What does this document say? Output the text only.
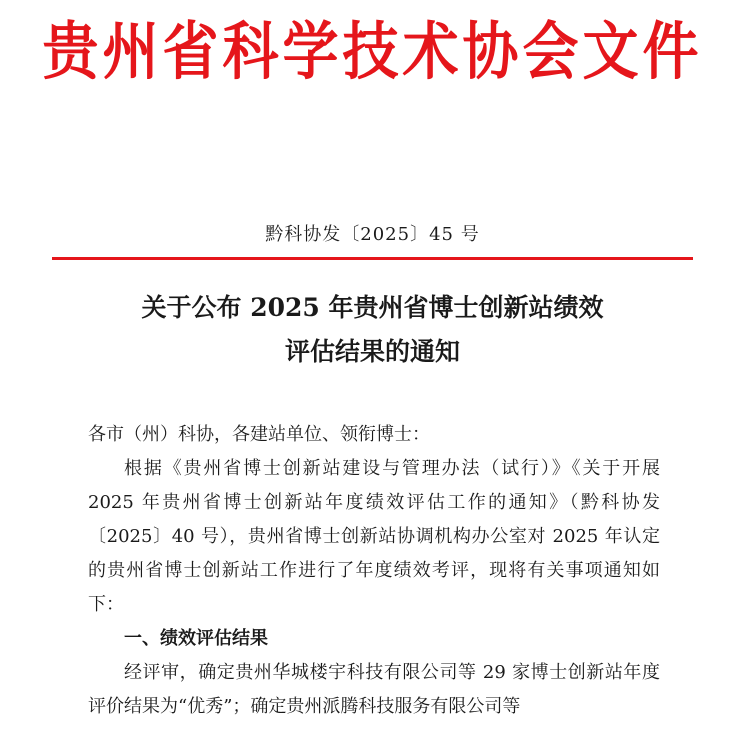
贵州省科学技术协会文件
黔科协发〔2025〕45 号
关于公布 2025 年贵州省博士创新站绩效
评估结果的通知

各市（州）科协，各建站单位、领衔博士：

根据《贵州省博士创新站建设与管理办法（试行）》《关于开展 2025 年贵州省博士创新站年度绩效评估工作的通知》（黔科协发〔2025〕40 号），贵州省博士创新站协调机构办公室对 2025 年认定的贵州省博士创新站工作进行了年度绩效考评，现将有关事项通知如下：

一、绩效评估结果

经评审，确定贵州华城楼宇科技有限公司等 29 家博士创新站年度评价结果为“优秀”；确定贵州派腾科技服务有限公司等
